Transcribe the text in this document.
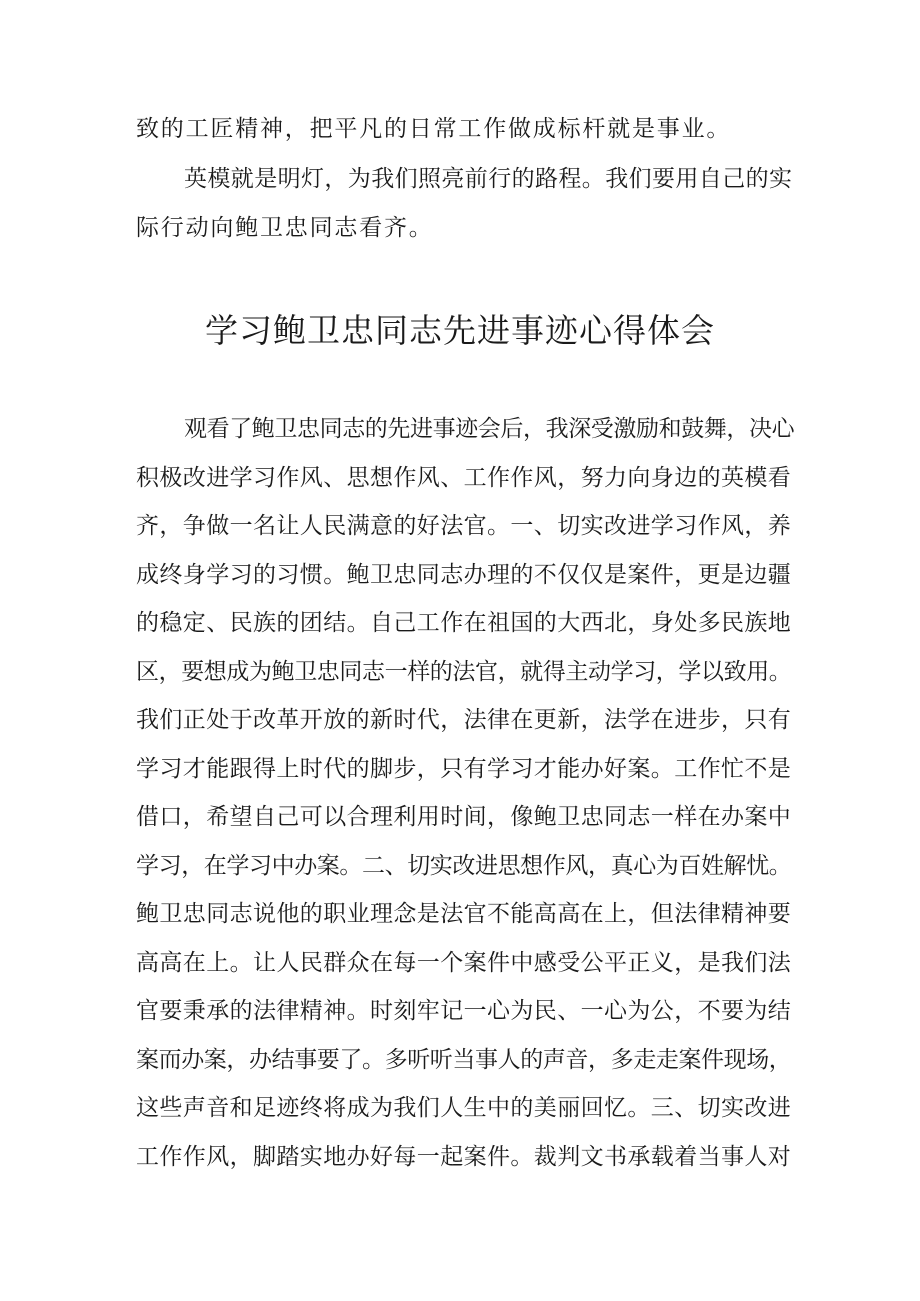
致的工匠精神，把平凡的日常工作做成标杆就是事业。
英模就是明灯，为我们照亮前行的路程。我们要用自己的实
际行动向鲍卫忠同志看齐。
学习鲍卫忠同志先进事迹心得体会
观看了鲍卫忠同志的先进事迹会后，我深受激励和鼓舞，决心
积极改进学习作风、思想作风、工作作风，努力向身边的英模看
齐，争做一名让人民满意的好法官。一、切实改进学习作风，养
成终身学习的习惯。鲍卫忠同志办理的不仅仅是案件，更是边疆
的稳定、民族的团结。自己工作在祖国的大西北，身处多民族地
区，要想成为鲍卫忠同志一样的法官，就得主动学习，学以致用。
我们正处于改革开放的新时代，法律在更新，法学在进步，只有
学习才能跟得上时代的脚步，只有学习才能办好案。工作忙不是
借口，希望自己可以合理利用时间，像鲍卫忠同志一样在办案中
学习，在学习中办案。二、切实改进思想作风，真心为百姓解忧。
鲍卫忠同志说他的职业理念是法官不能高高在上，但法律精神要
高高在上。让人民群众在每一个案件中感受公平正义，是我们法
官要秉承的法律精神。时刻牢记一心为民、一心为公，不要为结
案而办案，办结事要了。多听听当事人的声音，多走走案件现场，
这些声音和足迹终将成为我们人生中的美丽回忆。三、切实改进
工作作风，脚踏实地办好每一起案件。裁判文书承载着当事人对
